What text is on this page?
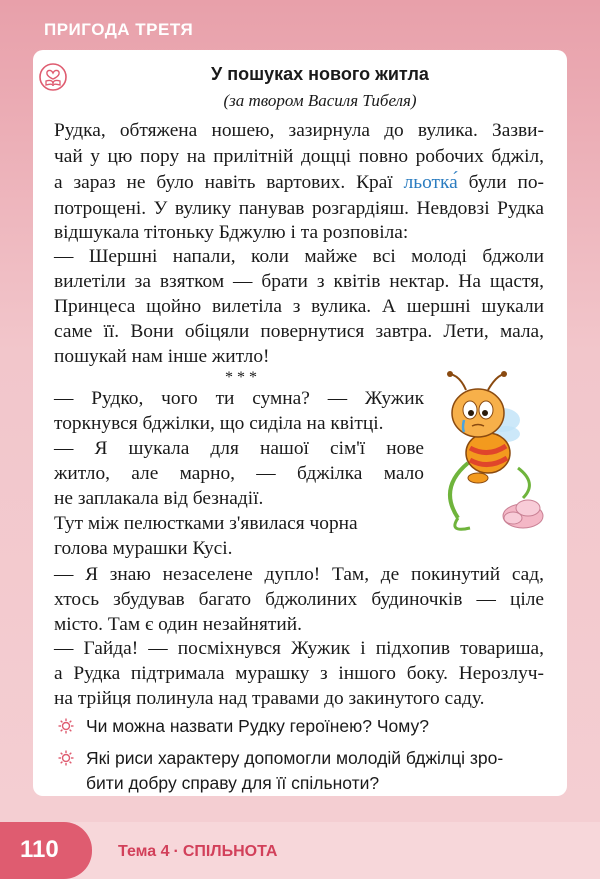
ПРИГОДА ТРЕТЯ
У пошуках нового житла
(за твором Василя Тибеля)
Рудка, обтяжена ношею, зазирнула до вулика. Зазви-
чай у цю пору на прилітній дощці повно робочих бджіл,
а зараз не було навіть вартових. Краї льотка́ були по-
потрощені. У вулику панував розгардіяш. Невдовзі Рудка
відшукала тітоньку Бджулю і та розповіла:
— Шершні напали, коли майже всі молоді бджоли
вилетіли за взятком — брати з квітів нектар. На щастя,
Принцеса щойно вилетіла з вулика. А шершні шукали
саме її. Вони обіцяли повернутися завтра. Лети, мала,
пошукай нам інше житло!
* * *
— Рудко, чого ти сумна? — Жужик
торкнувся бджілки, що сиділа на квітці.
— Я шукала для нашої сім'ї нове
житло, але марно, — бджілка мало
не заплакала від безнадії.
Тут між пелюстками з'явилася чорна
голова мурашки Кусі.
— Я знаю незаселене дупло! Там, де покинутий сад,
хтось збудував багато бджолиних будиночків — ціле
місто. Там є один незайнятий.
— Гайда! — посміхнувся Жужик і підхопив товариша,
а Рудка підтримала мурашку з іншого боку. Нерозлуч-
на трійця полинула над травами до закинутого саду.
Чи можна назвати Рудку героїнею? Чому?
Які риси характеру допомогли молодій бджілці зро-
бити добру справу для її спільноти?
110	Тема 4 · СПІЛЬНОТА
